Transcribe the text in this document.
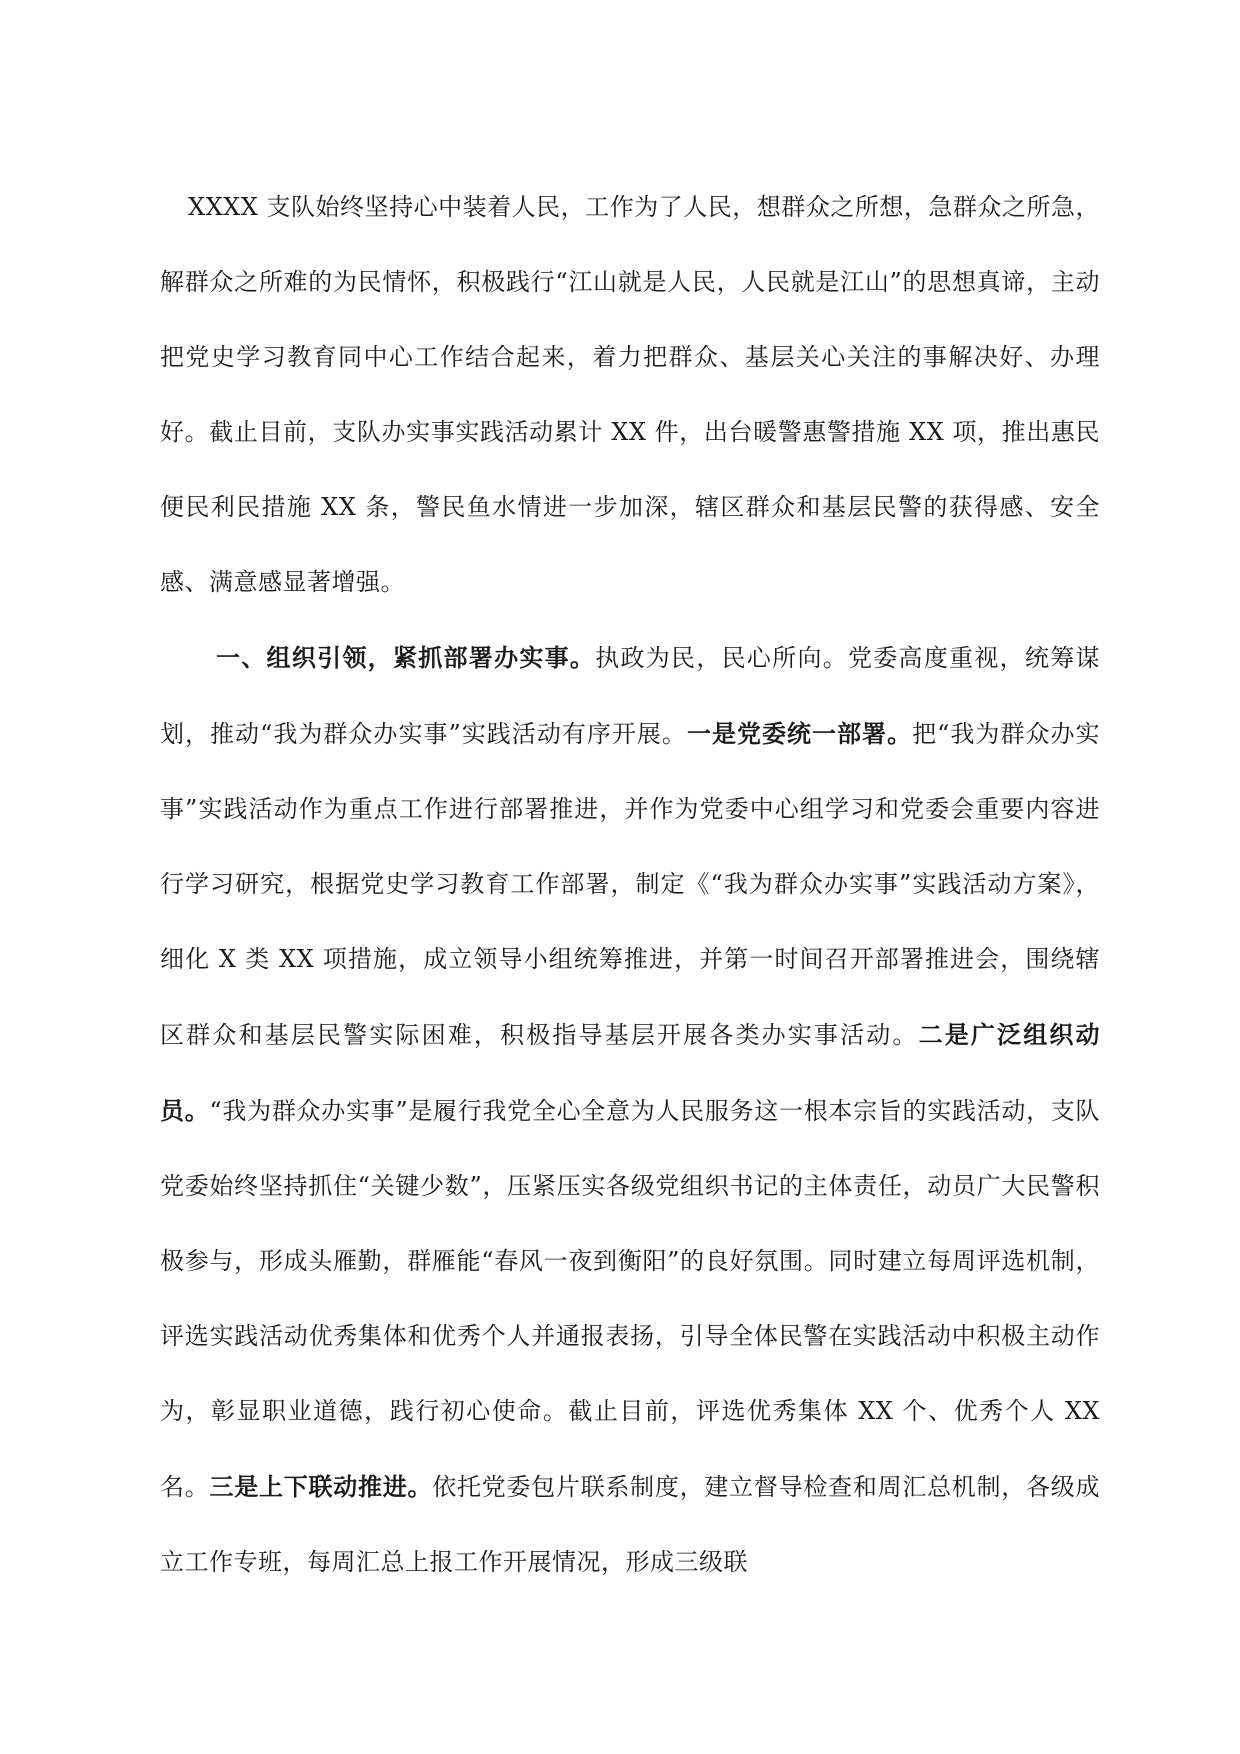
XXXX 支队始终坚持心中装着人民，工作为了人民，想群众之所想，急群众之所急，解群众之所难的为民情怀，积极践行“江山就是人民，人民就是江山”的思想真谛，主动把党史学习教育同中心工作结合起来，着力把群众、基层关心关注的事解决好、办理好。截止目前，支队办实事实践活动累计 XX 件，出台暖警惠警措施 XX 项，推出惠民便民利民措施 XX 条，警民鱼水情进一步加深，辖区群众和基层民警的获得感、安全感、满意感显著增强。

一、组织引领，紧抓部署办实事。执政为民，民心所向。党委高度重视，统筹谋划，推动“我为群众办实事”实践活动有序开展。一是党委统一部署。把“我为群众办实事”实践活动作为重点工作进行部署推进，并作为党委中心组学习和党委会重要内容进行学习研究，根据党史学习教育工作部署，制定《“我为群众办实事”实践活动方案》，细化 X 类 XX 项措施，成立领导小组统筹推进，并第一时间召开部署推进会，围绕辖区群众和基层民警实际困难，积极指导基层开展各类办实事活动。二是广泛组织动员。“我为群众办实事”是履行我党全心全意为人民服务这一根本宗旨的实践活动，支队党委始终坚持抓住“关键少数”，压紧压实各级党组织书记的主体责任，动员广大民警积极参与，形成头雁勤，群雁能“春风一夜到衡阳”的良好氛围。同时建立每周评选机制，评选实践活动优秀集体和优秀个人并通报表扬，引导全体民警在实践活动中积极主动作为，彰显职业道德，践行初心使命。截止目前，评选优秀集体 XX 个、优秀个人 XX 名。三是上下联动推进。依托党委包片联系制度，建立督导检查和周汇总机制，各级成立工作专班，每周汇总上报工作开展情况，形成三级联
